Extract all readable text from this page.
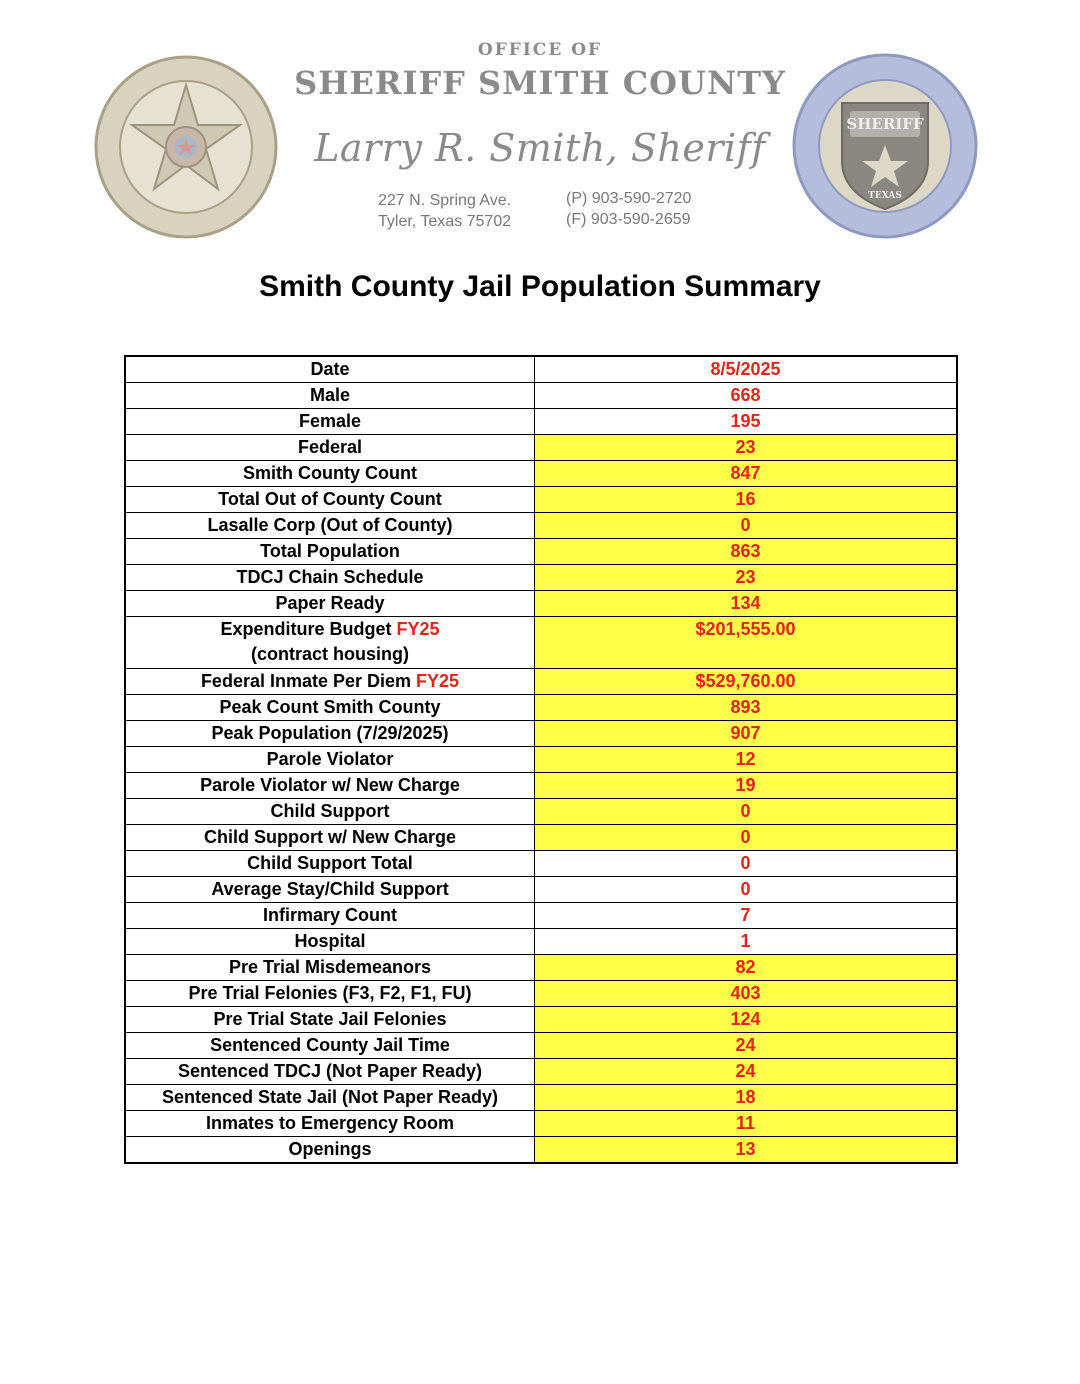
SHERIFF
TEXAS
OFFICE OF
SHERIFF SMITH COUNTY
Larry R. Smith, Sheriff
227 N. Spring Ave.
Tyler, Texas 75702
(P) 903-590-2720
(F) 903-590-2659
Smith County Jail Population Summary
Date	8/5/2025
Male	668
Female	195
Federal	23
Smith County Count	847
Total Out of County Count	16
Lasalle Corp (Out of County)	0
Total Population	863
TDCJ Chain Schedule	23
Paper Ready	134
Expenditure Budget FY25
(contract housing)	$201,555.00
Federal Inmate Per Diem FY25	$529,760.00
Peak Count Smith County	893
Peak Population (7/29/2025)	907
Parole Violator	12
Parole Violator w/ New Charge	19
Child Support	0
Child Support w/ New Charge	0
Child Support Total	0
Average Stay/Child Support	0
Infirmary Count	7
Hospital	1
Pre Trial Misdemeanors	82
Pre Trial Felonies (F3, F2, F1, FU)	403
Pre Trial State Jail Felonies	124
Sentenced County Jail Time	24
Sentenced TDCJ (Not Paper Ready)	24
Sentenced State Jail (Not Paper Ready)	18
Inmates to Emergency Room	11
Openings	13
